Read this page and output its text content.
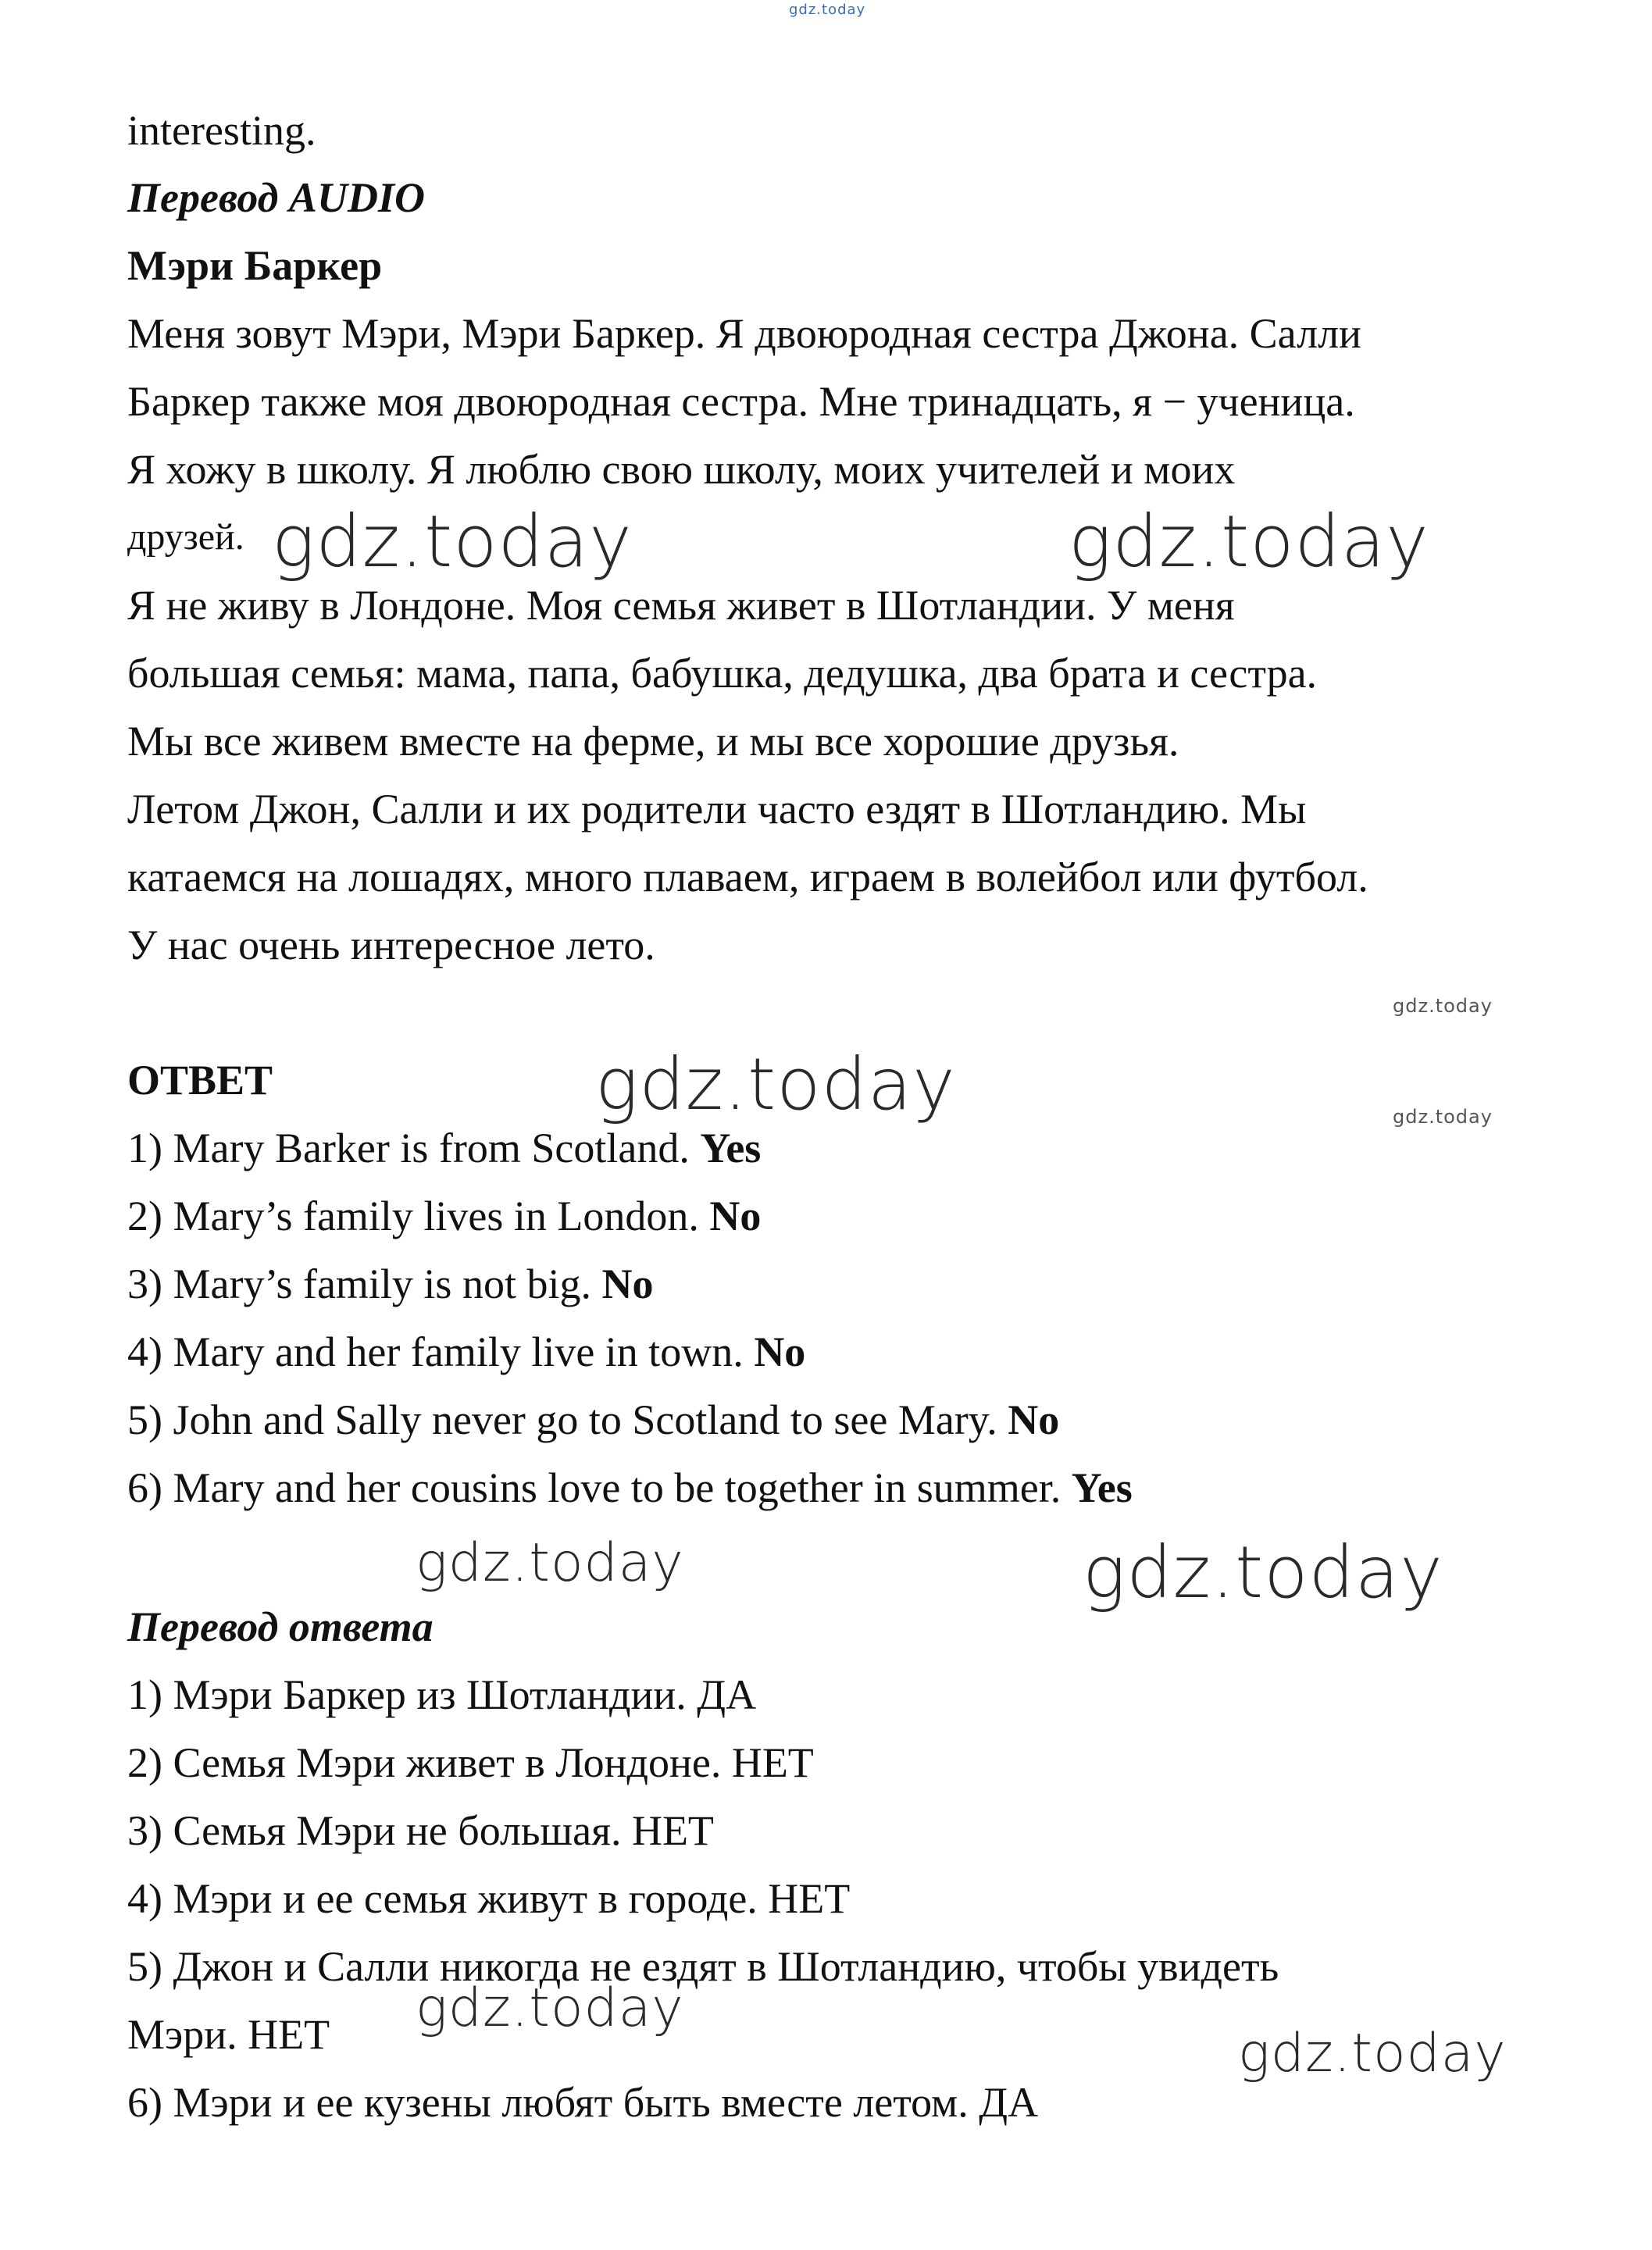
gdz.today
interesting.
Перевод AUDIO
Мэри Баркер
Меня зовут Мэри, Мэри Баркер. Я двоюродная сестра Джона. Салли
Баркер также моя двоюродная сестра. Мне тринадцать, я − ученица.
Я хожу в школу. Я люблю свою школу, моих учителей и моих
друзей. gdz.today	gdz.today
Я не живу в Лондоне. Моя семья живет в Шотландии. У меня
большая семья: мама, папа, бабушка, дедушка, два брата и сестра.
Мы все живем вместе на ферме, и мы все хорошие друзья.
Летом Джон, Салли и их родители часто ездят в Шотландию. Мы
катаемся на лошадях, много плаваем, играем в волейбол или футбол.
У нас очень интересное лето.
gdz.today
ОТВЕТ	gdz.today	gdz.today
1) Mary Barker is from Scotland. Yes
2) Mary’s family lives in London. No
3) Mary’s family is not big. No
4) Mary and her family live in town. No
5) John and Sally never go to Scotland to see Mary. No
6) Mary and her cousins love to be together in summer. Yes
gdz.today	gdz.today
Перевод ответа
1) Мэри Баркер из Шотландии. ДА
2) Семья Мэри живет в Лондоне. НЕТ
3) Семья Мэри не большая. НЕТ
4) Мэри и ее семья живут в городе. НЕТ
5) Джон и Салли никогда не ездят в Шотландию, чтобы увидеть
Мэри. НЕТ
6) Мэри и ее кузены любят быть вместе летом. ДА
gdz.today
gdz.today
